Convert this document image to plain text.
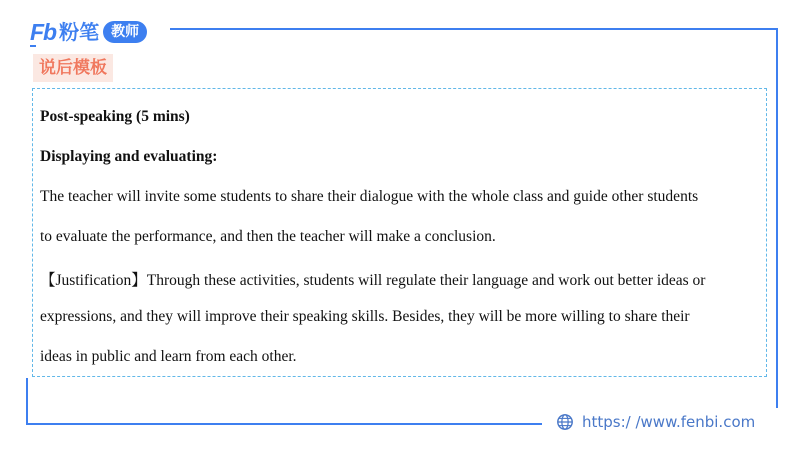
Fb 粉笔 教师
说后模板
Post-speaking (5 mins)
Displaying and evaluating:
The teacher will invite some students to share their dialogue with the whole class and guide other students
to evaluate the performance, and then the teacher will make a conclusion.
【Justification】Through these activities, students will regulate their language and work out better ideas or
expressions, and they will improve their speaking skills. Besides, they will be more willing to share their
ideas in public and learn from each other.
https:/ /www.fenbi.com
